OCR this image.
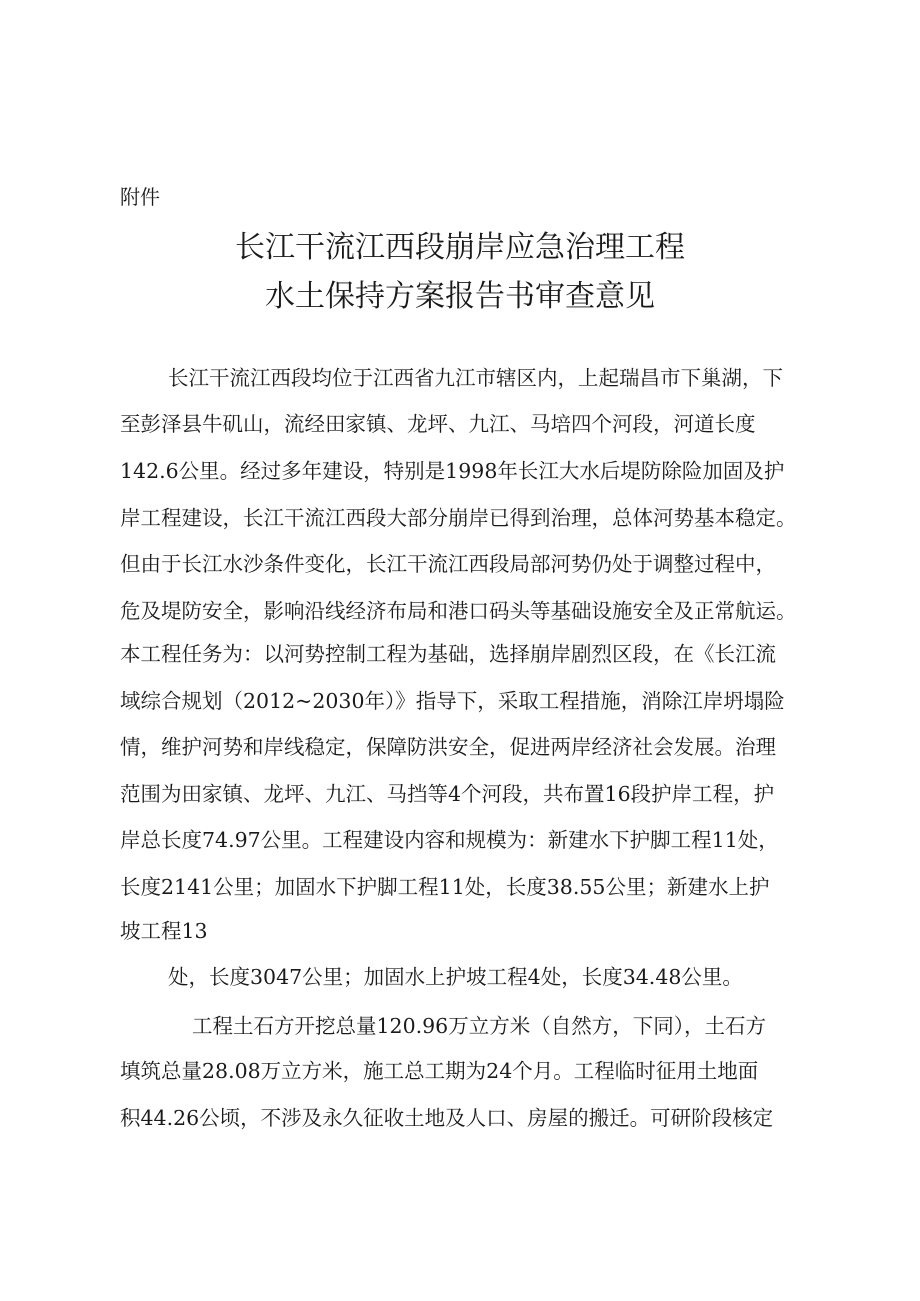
附件
长江干流江西段崩岸应急治理工程
水土保持方案报告书审查意见
长江干流江西段均位于江西省九江市辖区内，上起瑞昌市下巢湖，下
至彭泽县牛矶山，流经田家镇、龙坪、九江、马培四个河段，河道长度
142.6公里。经过多年建设，特别是1998年长江大水后堤防除险加固及护
岸工程建设，长江干流江西段大部分崩岸已得到治理，总体河势基本稳定。
但由于长江水沙条件变化，长江干流江西段局部河势仍处于调整过程中，
危及堤防安全，影响沿线经济布局和港口码头等基础设施安全及正常航运。
本工程任务为：以河势控制工程为基础，选择崩岸剧烈区段，在《长江流
域综合规划（2012~2030年）》指导下，采取工程措施，消除江岸坍塌险
情，维护河势和岸线稳定，保障防洪安全，促进两岸经济社会发展。治理
范围为田家镇、龙坪、九江、马挡等4个河段，共布置16段护岸工程，护
岸总长度74.97公里。工程建设内容和规模为：新建水下护脚工程11处，
长度2141公里；加固水下护脚工程11处，长度38.55公里；新建水上护
坡工程13
处，长度3047公里；加固水上护坡工程4处，长度34.48公里。
工程土石方开挖总量120.96万立方米（自然方，下同），土石方
填筑总量28.08万立方米，施工总工期为24个月。工程临时征用土地面
积44.26公顷，不涉及永久征收土地及人口、房屋的搬迁。可研阶段核定
